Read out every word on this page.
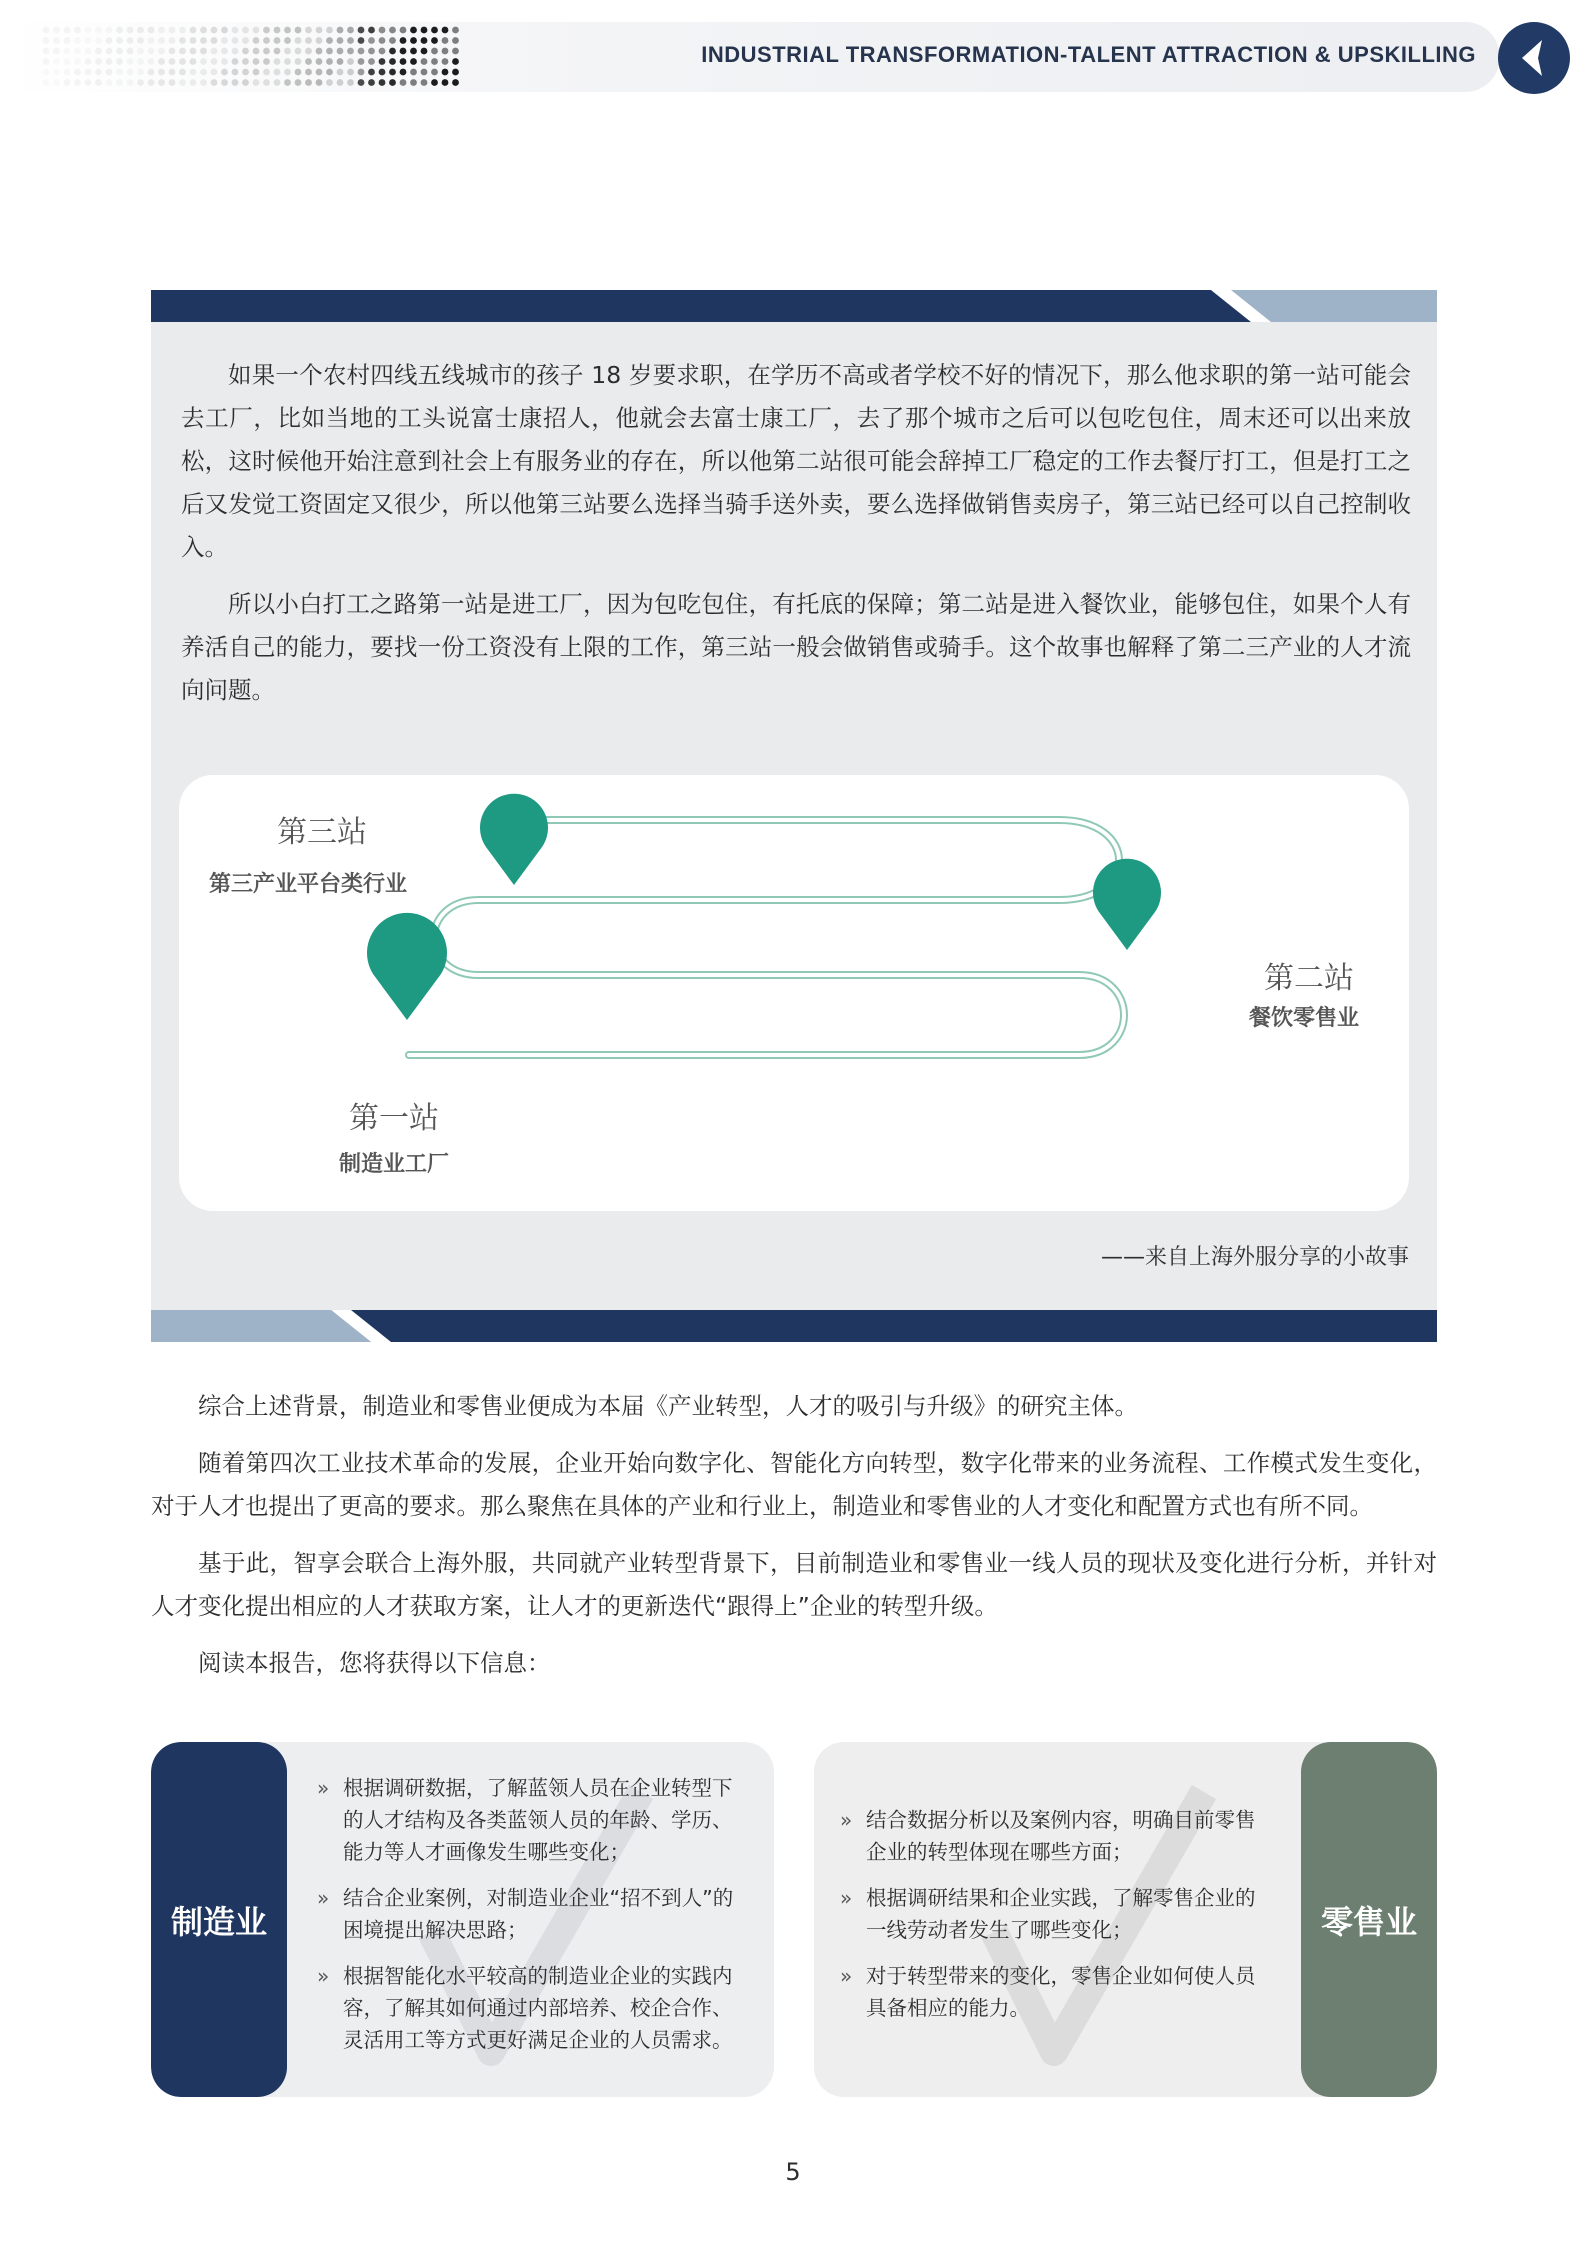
INDUSTRIAL TRANSFORMATION-TALENT ATTRACTION & UPSKILLING

如果一个农村四线五线城市的孩子 18 岁要求职，在学历不高或者学校不好的情况下，那么他求职的第一站可能会去工厂，比如当地的工头说富士康招人，他就会去富士康工厂，去了那个城市之后可以包吃包住，周末还可以出来放松，这时候他开始注意到社会上有服务业的存在，所以他第二站很可能会辞掉工厂稳定的工作去餐厅打工，但是打工之后又发觉工资固定又很少，所以他第三站要么选择当骑手送外卖，要么选择做销售卖房子，第三站已经可以自己控制收入。

所以小白打工之路第一站是进工厂，因为包吃包住，有托底的保障；第二站是进入餐饮业，能够包住，如果个人有养活自己的能力，要找一份工资没有上限的工作，第三站一般会做销售或骑手。这个故事也解释了第二三产业的人才流向问题。

第三站
第三产业平台类行业
第二站
餐饮零售业
第一站
制造业工厂
——来自上海外服分享的小故事

综合上述背景，制造业和零售业便成为本届《产业转型，人才的吸引与升级》的研究主体。

随着第四次工业技术革命的发展，企业开始向数字化、智能化方向转型，数字化带来的业务流程、工作模式发生变化，对于人才也提出了更高的要求。那么聚焦在具体的产业和行业上，制造业和零售业的人才变化和配置方式也有所不同。

基于此，智享会联合上海外服，共同就产业转型背景下，目前制造业和零售业一线人员的现状及变化进行分析，并针对人才变化提出相应的人才获取方案，让人才的更新迭代“跟得上”企业的转型升级。

阅读本报告，您将获得以下信息：

制造业
» 根据调研数据，了解蓝领人员在企业转型下的人才结构及各类蓝领人员的年龄、学历、能力等人才画像发生哪些变化；
» 结合企业案例，对制造业企业“招不到人”的困境提出解决思路；
» 根据智能化水平较高的制造业企业的实践内容，了解其如何通过内部培养、校企合作、灵活用工等方式更好满足企业的人员需求。
零售业
» 结合数据分析以及案例内容，明确目前零售企业的转型体现在哪些方面；
» 根据调研结果和企业实践，了解零售企业的一线劳动者发生了哪些变化；
» 对于转型带来的变化，零售企业如何使人员具备相应的能力。
5
